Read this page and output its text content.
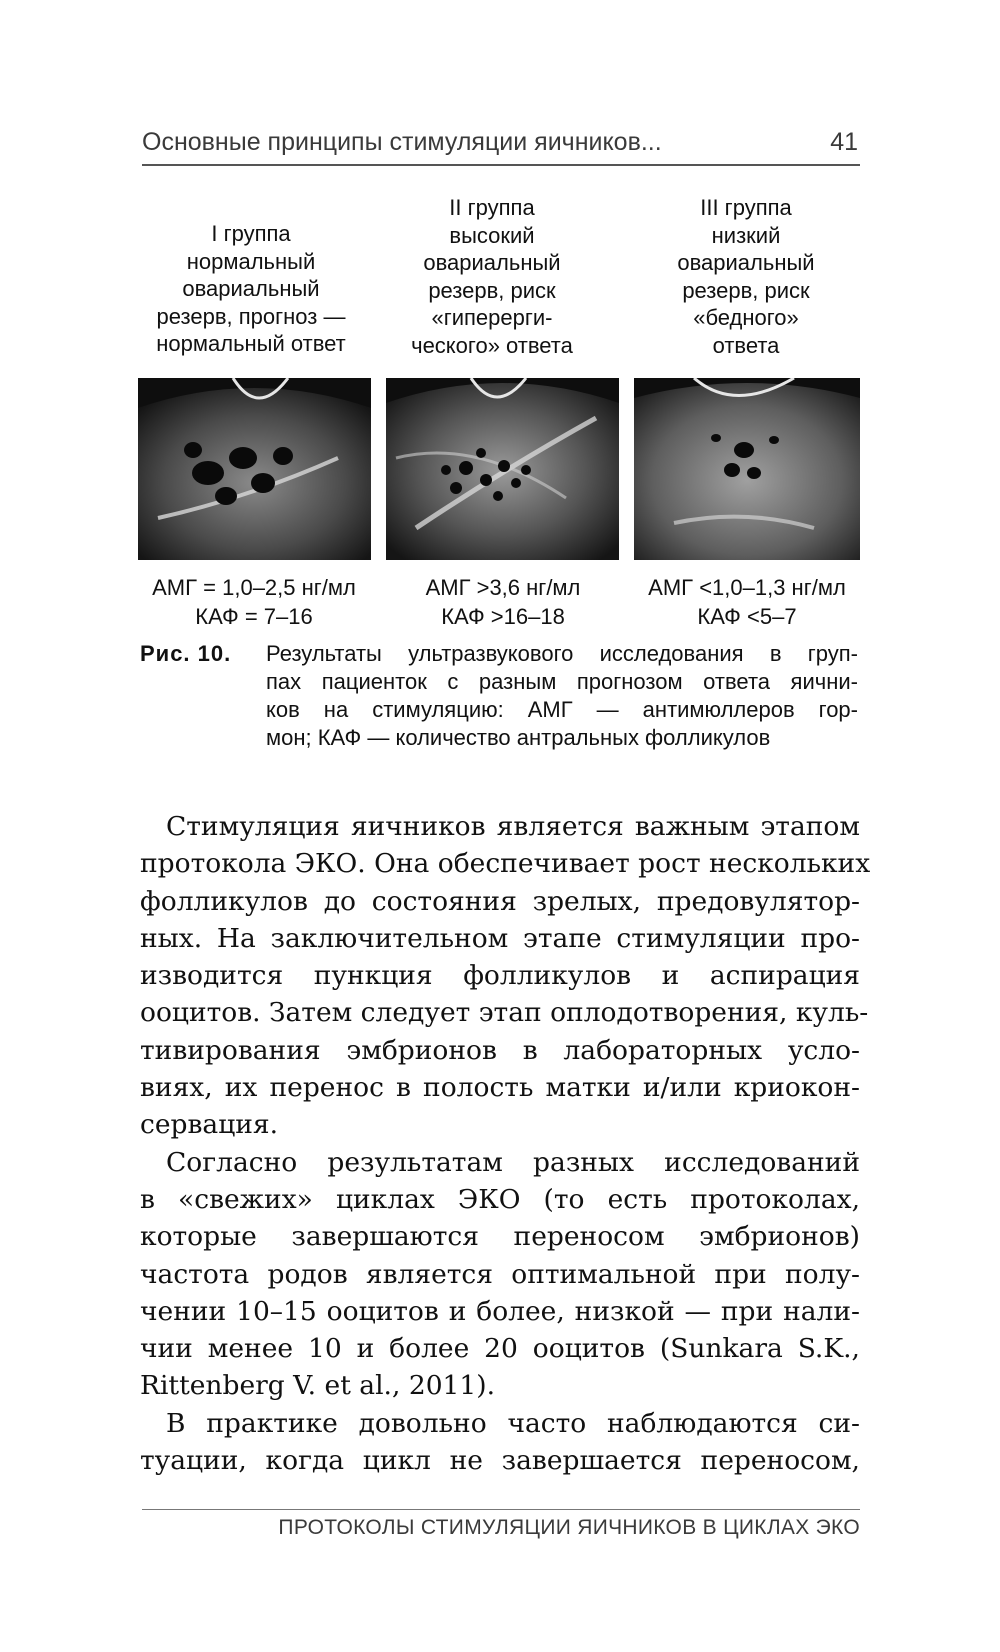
Основные принципы стимуляции яичников...	41
I группа
нормальный
овариальный
резерв, прогноз —
нормальный ответ
II группа
высокий
овариальный
резерв, риск
«гипереpги-
ческого» ответа
III группа
низкий
овариальный
резерв, риск
«бедного»
ответа
АМГ = 1,0–2,5 нг/мл
КАФ = 7–16
АМГ >3,6 нг/мл
КАФ >16–18
АМГ <1,0–1,3 нг/мл
КАФ <5–7
Рис. 10. Результаты ультразвукового исследования в груп-
пах пациенток с разным прогнозом ответа яични-
ков на стимуляцию: АМГ — антимюллеров гор-
мон; КАФ — количество антральных фолликулов
Стимуляция яичников является важным этапом
протокола ЭКО. Она обеспечивает рост нескольких
фолликулов до состояния зрелых, предовулятор-
ных. На заключительном этапе стимуляции про-
изводится пункция фолликулов и аспирация
ооцитов. Затем следует этап оплодотворения, куль-
тивирования эмбрионов в лабораторных усло-
виях, их перенос в полость матки и/или криокон-
сервация.
Согласно результатам разных исследований
в «свежих» циклах ЭКО (то есть протоколах,
которые завершаются переносом эмбрионов)
частота родов является оптимальной при полу-
чении 10–15 ооцитов и более, низкой — при нали-
чии менее 10 и более 20 ооцитов (Sunkara S.K.,
Rittenberg V. et al., 2011).
В практике довольно часто наблюдаются си-
туации, когда цикл не завершается переносом,
ПРОТОКОЛЫ СТИМУЛЯЦИИ ЯИЧНИКОВ В ЦИКЛАХ ЭКО
